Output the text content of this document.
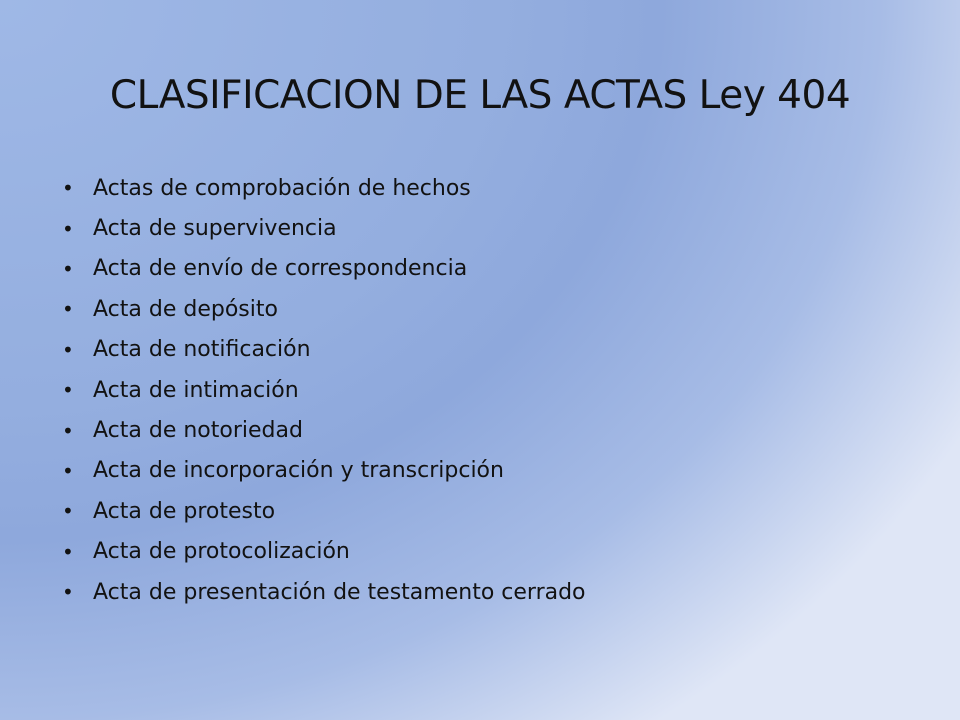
CLASIFICACION DE LAS ACTAS Ley 404
• Actas de comprobación de hechos
• Acta de supervivencia
• Acta de envío de correspondencia
• Acta de depósito
• Acta de notificación
• Acta de intimación
• Acta de notoriedad
• Acta de incorporación y transcripción
• Acta de protesto
• Acta de protocolización
• Acta de presentación de testamento cerrado
